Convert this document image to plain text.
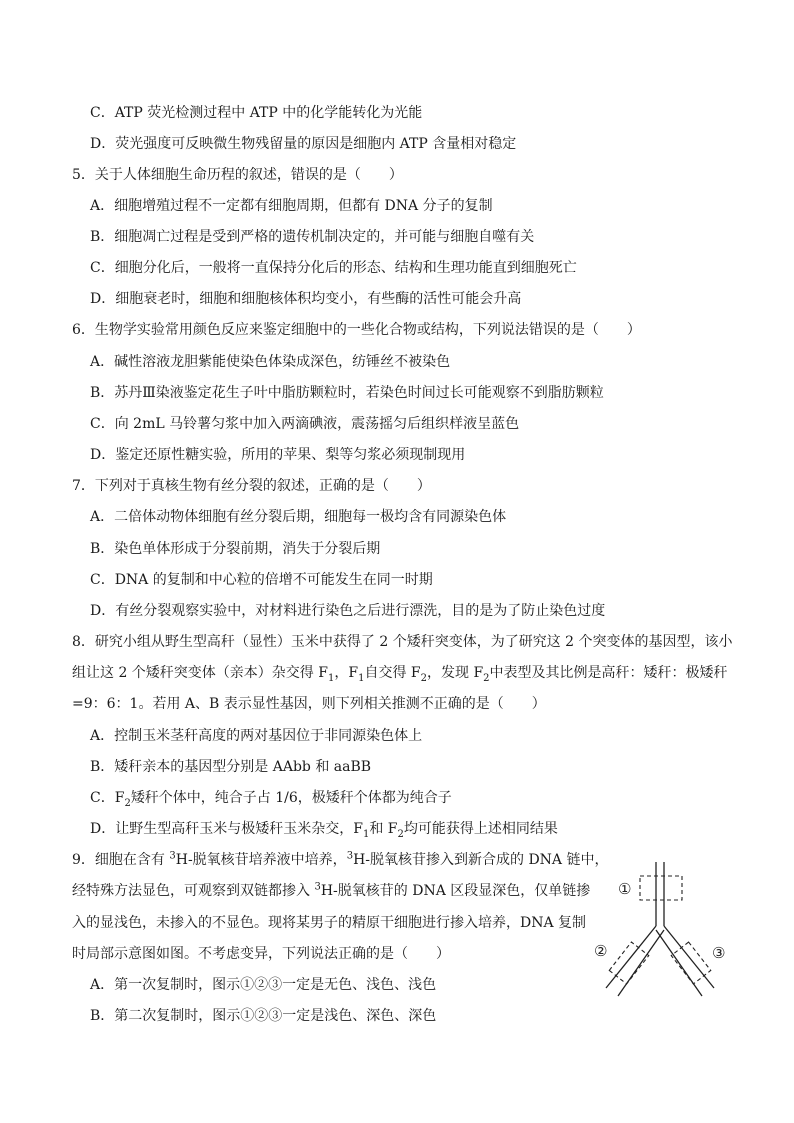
C．ATP 荧光检测过程中 ATP 中的化学能转化为光能
D．荧光强度可反映微生物残留量的原因是细胞内 ATP 含量相对稳定
5．关于人体细胞生命历程的叙述，错误的是（　　）
A．细胞增殖过程不一定都有细胞周期，但都有 DNA 分子的复制
B．细胞凋亡过程是受到严格的遗传机制决定的，并可能与细胞自噬有关
C．细胞分化后，一般将一直保持分化后的形态、结构和生理功能直到细胞死亡
D．细胞衰老时，细胞和细胞核体积均变小，有些酶的活性可能会升高
6．生物学实验常用颜色反应来鉴定细胞中的一些化合物或结构，下列说法错误的是（　　）
A．碱性溶液龙胆紫能使染色体染成深色，纺锤丝不被染色
B．苏丹Ⅲ染液鉴定花生子叶中脂肪颗粒时，若染色时间过长可能观察不到脂肪颗粒
C．向 2mL 马铃薯匀浆中加入两滴碘液，震荡摇匀后组织样液呈蓝色
D．鉴定还原性糖实验，所用的苹果、梨等匀浆必须现制现用
7．下列对于真核生物有丝分裂的叙述，正确的是（　　）
A．二倍体动物体细胞有丝分裂后期，细胞每一极均含有同源染色体
B．染色单体形成于分裂前期，消失于分裂后期
C．DNA 的复制和中心粒的倍增不可能发生在同一时期
D．有丝分裂观察实验中，对材料进行染色之后进行漂洗，目的是为了防止染色过度
8．研究小组从野生型高秆（显性）玉米中获得了 2 个矮秆突变体，为了研究这 2 个突变体的基因型，该小
组让这 2 个矮秆突变体（亲本）杂交得 $F_1$，$F_1$自交得 $F_2$，发现 $F_2$中表型及其比例是高秆：矮秆：极矮秆
=9：6：1。若用 A、B 表示显性基因，则下列相关推测不正确的是（　　）
A．控制玉米茎秆高度的两对基因位于非同源染色体上
B．矮秆亲本的基因型分别是 AAbb 和 aaBB
C．$F_2$矮秆个体中，纯合子占 1/6，极矮秆个体都为纯合子
D．让野生型高秆玉米与极矮秆玉米杂交，$F_1$和 $F_2$均可能获得上述相同结果
9．细胞在含有 $^3$H-脱氧核苷培养液中培养，$^3$H-脱氧核苷掺入到新合成的 DNA 链中，
经特殊方法显色，可观察到双链都掺入 $^3$H-脱氧核苷的 DNA 区段显深色，仅单链掺
入的显浅色，未掺入的不显色。现将某男子的精原干细胞进行掺入培养，DNA 复制
时局部示意图如图。不考虑变异，下列说法正确的是（　　）
A．第一次复制时，图示①②③一定是无色、浅色、浅色
B．第二次复制时，图示①②③一定是浅色、深色、深色
①
②	③
